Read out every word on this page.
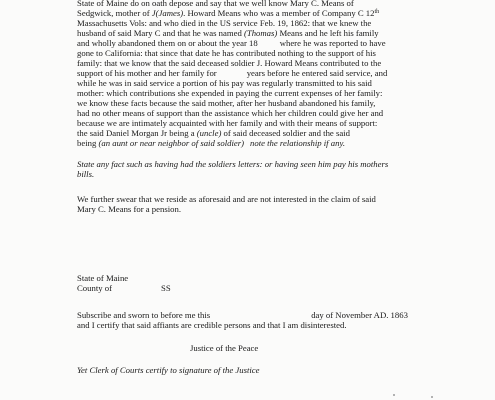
State of Maine do on oath depose and say that we well know Mary C. Means of
Sedgwick, mother of J(James). Howard Means who was a member of Company C 12th
Massachusetts Vols: and who died in the US service Feb. 19, 1862: that we knew the
husband of said Mary C and that he was named (Thomas) Means and he left his family
and wholly abandoned them on or about the year 18	where he was reported to have
gone to California: that since that date he has contributed nothing to the support of his
family: that we know that the said deceased soldier J. Howard Means contributed to the
support of his mother and her family for	years before he entered said service, and
while he was in said service a portion of his pay was regularly transmitted to his said
mother: which contributions she expended in paying the current expenses of her family:
we know these facts because the said mother, after her husband abandoned his family,
had no other means of support than the assistance which her children could give her and
because we are intimately acquainted with her family and with their means of support:
the said Daniel Morgan Jr being a (uncle) of said deceased soldier and the said
being (an aunt or near neighbor of said soldier) note the relationship if any.
State any fact such as having had the soldiers letters: or having seen him pay his mothers
bills.
We further swear that we reside as aforesaid and are not interested in the claim of said
Mary C. Means for a pension.
State of Maine
County of	SS
Subscribe and sworn to before me this	day of November AD. 1863
and I certify that said affiants are credible persons and that I am disinterested.
Justice of the Peace
Yet Clerk of Courts certify to signature of the Justice
